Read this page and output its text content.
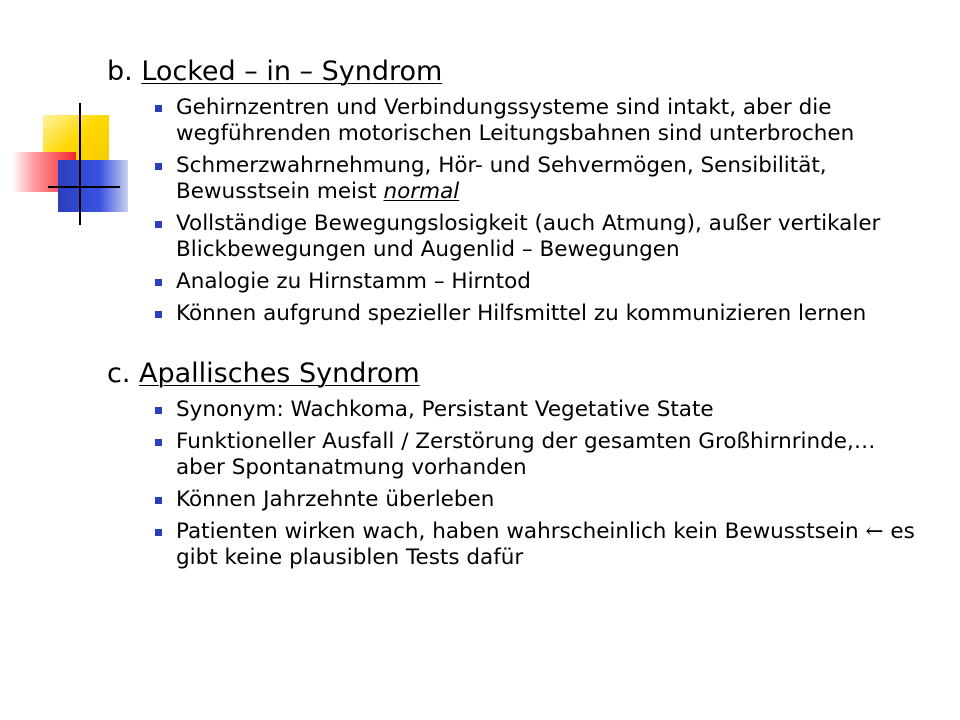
b. Locked – in – Syndrom
Gehirnzentren und Verbindungssysteme sind intakt, aber die wegführenden motorischen Leitungsbahnen sind unterbrochen
Schmerzwahrnehmung, Hör- und Sehvermögen, Sensibilität, Bewusstsein meist normal
Vollständige Bewegungslosigkeit (auch Atmung), außer vertikaler Blickbewegungen und Augenlid – Bewegungen
Analogie zu Hirnstamm – Hirntod
Können aufgrund spezieller Hilfsmittel zu kommunizieren lernen
c. Apallisches Syndrom
Synonym: Wachkoma, Persistant Vegetative State
Funktioneller Ausfall / Zerstörung der gesamten Großhirnrinde,… aber Spontanatmung vorhanden
Können Jahrzehnte überleben
Patienten wirken wach, haben wahrscheinlich kein Bewusstsein ← es gibt keine plausiblen Tests dafür
